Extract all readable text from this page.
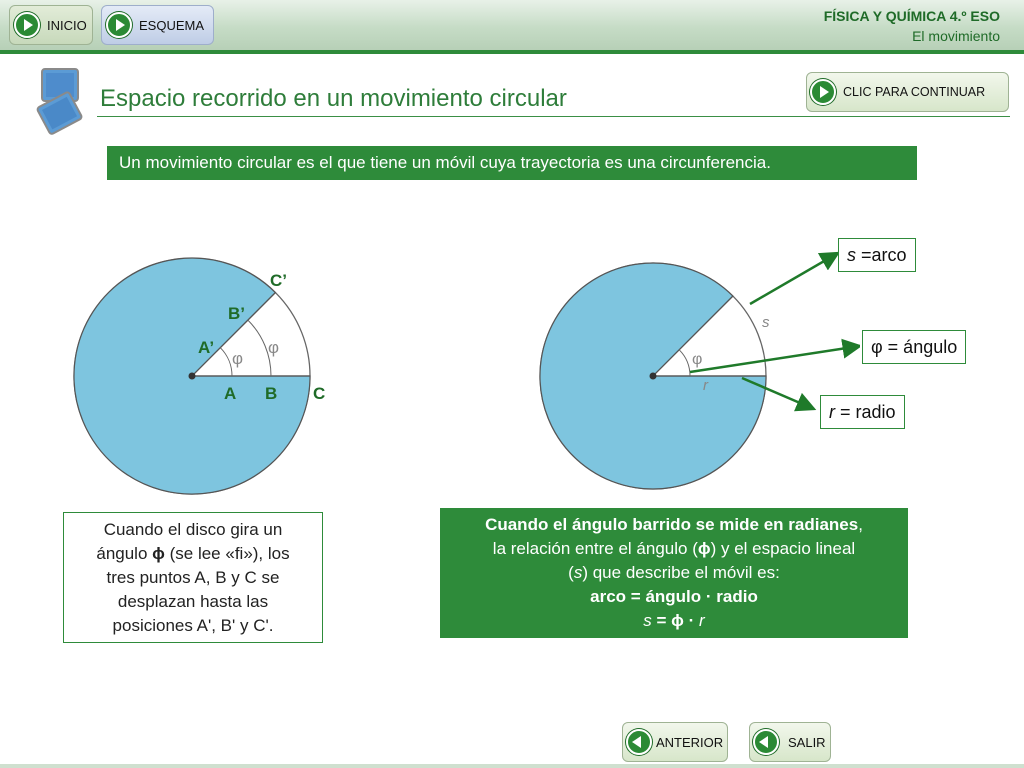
INICIO	ESQUEMA
FÍSICA Y QUÍMICA 4.º ESO
El movimiento
Espacio recorrido en un movimiento circular	CLIC PARA CONTINUAR
Un movimiento circular es el que tiene un móvil cuya trayectoria es una circunferencia.
φ
φ
A B C
A’
B’
C’
φ
s
r
s =arco
φ = ángulo
r = radio
Cuando el disco gira un
ángulo ϕ (se lee «fi»), los
tres puntos A, B y C se
desplazan hasta las
posiciones A', B' y C'.
Cuando el ángulo barrido se mide en radianes,
la relación entre el ángulo (ϕ) y el espacio lineal
(s) que describe el móvil es:
arco = ángulo · radio
s = ϕ · r
ANTERIOR	SALIR
